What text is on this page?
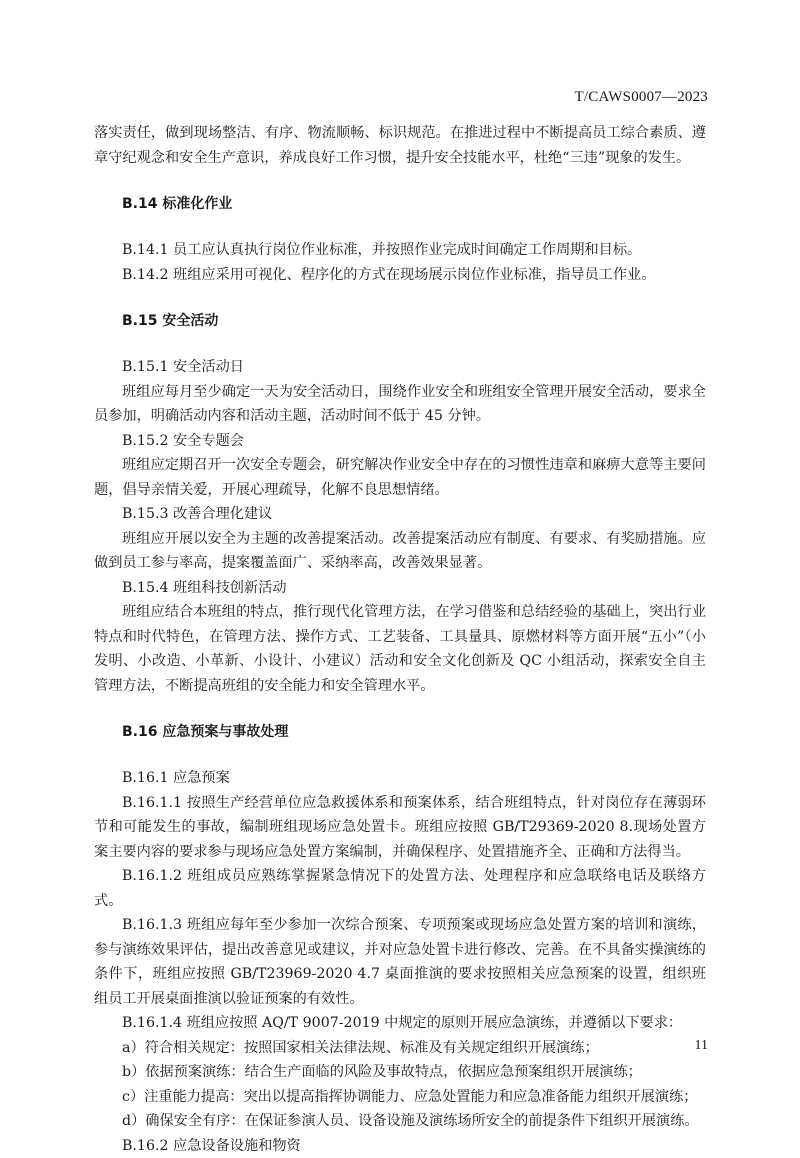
T/CAWS0007—2023

落实责任，做到现场整洁、有序、物流顺畅、标识规范。在推进过程中不断提高员工综合素质、遵章守纪观念和安全生产意识，养成良好工作习惯，提升安全技能水平，杜绝“三违”现象的发生。

B.14 标准化作业

B.14.1 员工应认真执行岗位作业标准，并按照作业完成时间确定工作周期和目标。

B.14.2 班组应采用可视化、程序化的方式在现场展示岗位作业标准，指导员工作业。

B.15 安全活动

B.15.1 安全活动日

班组应每月至少确定一天为安全活动日，围绕作业安全和班组安全管理开展安全活动，要求全员参加，明确活动内容和活动主题，活动时间不低于 45 分钟。

B.15.2 安全专题会

班组应定期召开一次安全专题会，研究解决作业安全中存在的习惯性违章和麻痹大意等主要问题，倡导亲情关爱，开展心理疏导，化解不良思想情绪。

B.15.3 改善合理化建议

班组应开展以安全为主题的改善提案活动。改善提案活动应有制度、有要求、有奖励措施。应做到员工参与率高，提案覆盖面广、采纳率高，改善效果显著。

B.15.4 班组科技创新活动

班组应结合本班组的特点，推行现代化管理方法，在学习借鉴和总结经验的基础上，突出行业特点和时代特色，在管理方法、操作方式、工艺装备、工具量具、原燃材料等方面开展“五小”（小发明、小改造、小革新、小设计、小建议）活动和安全文化创新及 QC 小组活动，探索安全自主管理方法，不断提高班组的安全能力和安全管理水平。

B.16 应急预案与事故处理

B.16.1 应急预案

B.16.1.1 按照生产经营单位应急救援体系和预案体系，结合班组特点，针对岗位存在薄弱环节和可能发生的事故，编制班组现场应急处置卡。班组应按照 GB/T29369-2020 8.现场处置方案主要内容的要求参与现场应急处置方案编制，并确保程序、处置措施齐全、正确和方法得当。

B.16.1.2 班组成员应熟练掌握紧急情况下的处置方法、处理程序和应急联络电话及联络方式。

B.16.1.3 班组应每年至少参加一次综合预案、专项预案或现场应急处置方案的培训和演练，参与演练效果评估，提出改善意见或建议，并对应急处置卡进行修改、完善。在不具备实操演练的条件下，班组应按照 GB/T23969-2020 4.7 桌面推演的要求按照相关应急预案的设置，组织班组员工开展桌面推演以验证预案的有效性。

B.16.1.4 班组应按照 AQ/T 9007-2019 中规定的原则开展应急演练，并遵循以下要求：

a）符合相关规定：按照国家相关法律法规、标准及有关规定组织开展演练；

b）依据预案演练：结合生产面临的风险及事故特点，依据应急预案组织开展演练；

c）注重能力提高：突出以提高指挥协调能力、应急处置能力和应急准备能力组织开展演练；

d）确保安全有序：在保证参演人员、设备设施及演练场所安全的前提条件下组织开展演练。

B.16.2 应急设备设施和物资

11
